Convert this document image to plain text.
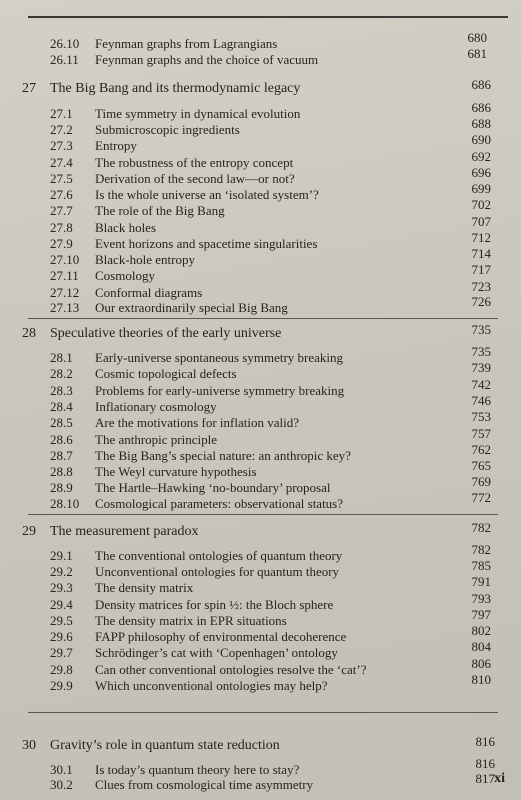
26.10 Feynman graphs from Lagrangians	680
26.11 Feynman graphs and the choice of vacuum	681
27 The Big Bang and its thermodynamic legacy	686
27.1 Time symmetry in dynamical evolution	686
27.2 Submicroscopic ingredients	688
27.3 Entropy	690
27.4 The robustness of the entropy concept	692
27.5 Derivation of the second law—or not?	696
27.6 Is the whole universe an ‘isolated system’?	699
27.7 The role of the Big Bang	702
27.8 Black holes	707
27.9 Event horizons and spacetime singularities	712
27.10 Black-hole entropy	714
27.11 Cosmology	717
27.12 Conformal diagrams	723
27.13 Our extraordinarily special Big Bang	726
28 Speculative theories of the early universe	735
28.1 Early-universe spontaneous symmetry breaking	735
28.2 Cosmic topological defects	739
28.3 Problems for early-universe symmetry breaking	742
28.4 Inflationary cosmology	746
28.5 Are the motivations for inflation valid?	753
28.6 The anthropic principle	757
28.7 The Big Bang’s special nature: an anthropic key?	762
28.8 The Weyl curvature hypothesis	765
28.9 The Hartle–Hawking ‘no-boundary’ proposal	769
28.10 Cosmological parameters: observational status?	772
29 The measurement paradox	782
29.1 The conventional ontologies of quantum theory	782
29.2 Unconventional ontologies for quantum theory	785
29.3 The density matrix	791
29.4 Density matrices for spin ½: the Bloch sphere	793
29.5 The density matrix in EPR situations	797
29.6 FAPP philosophy of environmental decoherence	802
29.7 Schrödinger’s cat with ‘Copenhagen’ ontology	804
29.8 Can other conventional ontologies resolve the ‘cat’?	806
29.9 Which unconventional ontologies may help?	810
30 Gravity’s role in quantum state reduction	816
30.1 Is today’s quantum theory here to stay?	816
30.2 Clues from cosmological time asymmetry	817 xi
